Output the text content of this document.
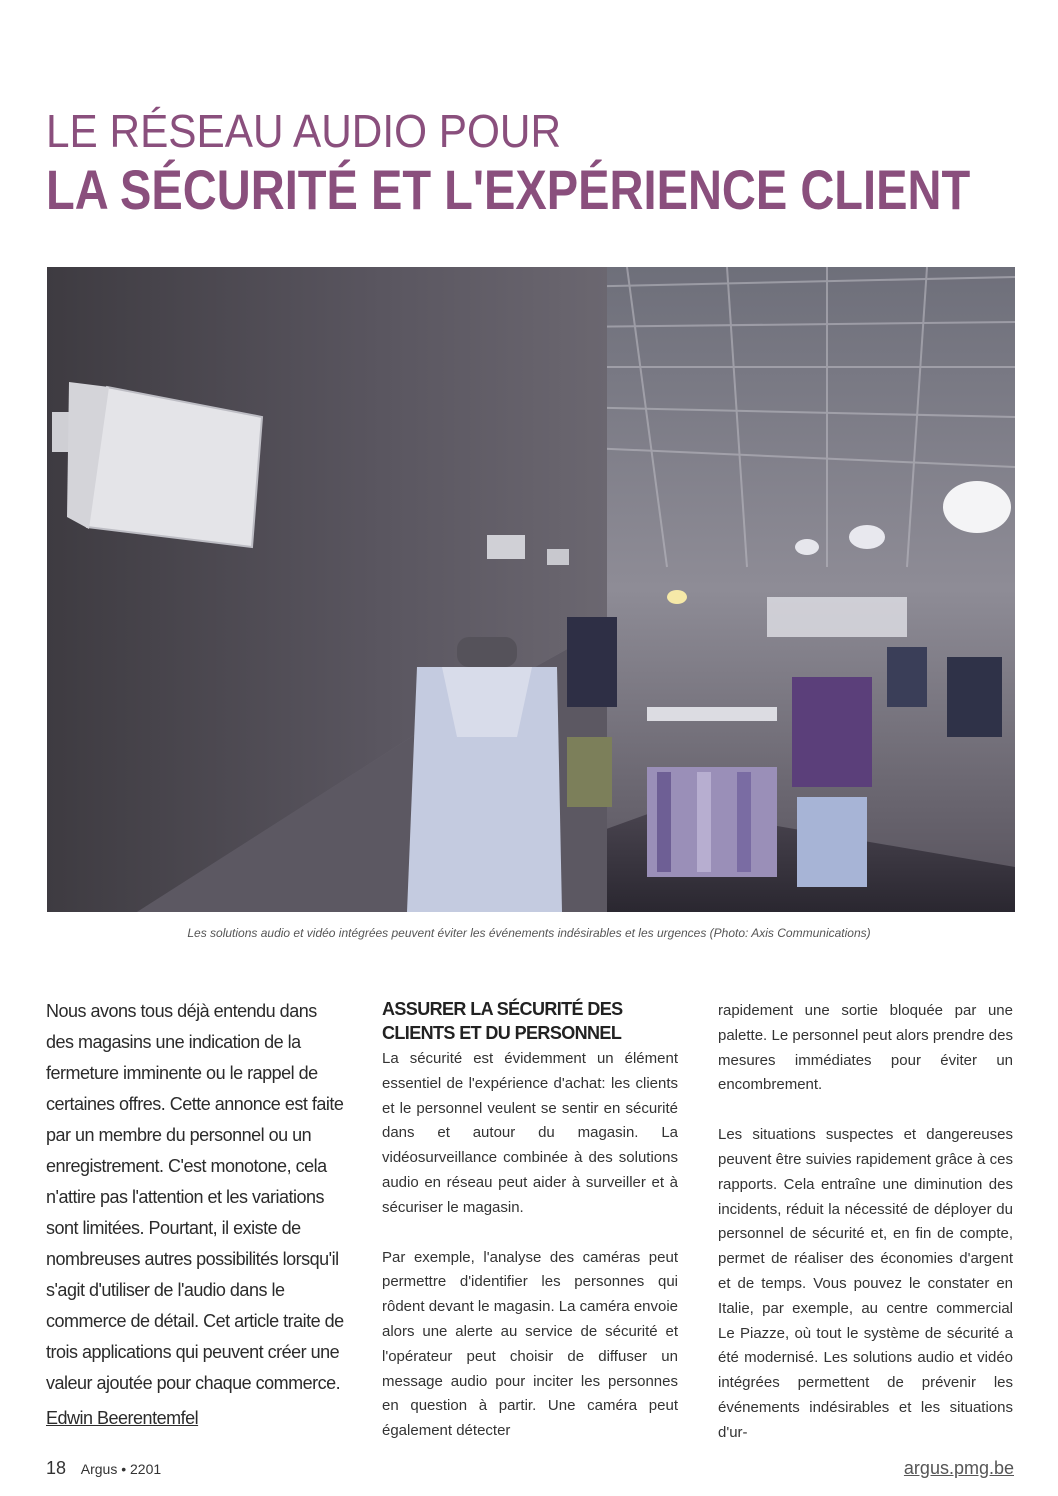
LE RÉSEAU AUDIO POUR
LA SÉCURITÉ ET L'EXPÉRIENCE CLIENT
Les solutions audio et vidéo intégrées peuvent éviter les événements indésirables et les urgences (Photo: Axis Communications)
Nous avons tous déjà entendu dans des magasins une indication de la fermeture imminente ou le rappel de certaines offres. Cette annonce est faite par un membre du personnel ou un enregistrement. C'est monotone, cela n'attire pas l'attention et les variations sont limitées. Pourtant, il existe de nombreuses autres possibilités lorsqu'il s'agit d'utiliser de l'audio dans le commerce de détail. Cet article traite de trois applications qui peuvent créer une valeur ajoutée pour chaque commerce.
Edwin Beerentemfel
ASSURER LA SÉCURITÉ DES CLIENTS ET DU PERSONNEL

La sécurité est évidemment un élément essentiel de l'expérience d'achat: les clients et le personnel veulent se sentir en sécurité dans et autour du magasin. La vidéosurveillance combinée à des solutions audio en réseau peut aider à surveiller et à sécuriser le magasin.

Par exemple, l'analyse des caméras peut permettre d'identifier les personnes qui rôdent devant le magasin. La caméra envoie alors une alerte au service de sécurité et l'opérateur peut choisir de diffuser un message audio pour inciter les personnes en question à partir. Une caméra peut également détecter

rapidement une sortie bloquée par une palette. Le personnel peut alors prendre des mesures immédiates pour éviter un encombrement.

Les situations suspectes et dangereuses peuvent être suivies rapidement grâce à ces rapports. Cela entraîne une diminution des incidents, réduit la nécessité de déployer du personnel de sécurité et, en fin de compte, permet de réaliser des économies d'argent et de temps. Vous pouvez le constater en Italie, par exemple, au centre commercial Le Piazze, où tout le système de sécurité a été modernisé. Les solutions audio et vidéo intégrées permettent de prévenir les événements indésirables et les situations d'ur-

18 Argus • 2201	argus.pmg.be
